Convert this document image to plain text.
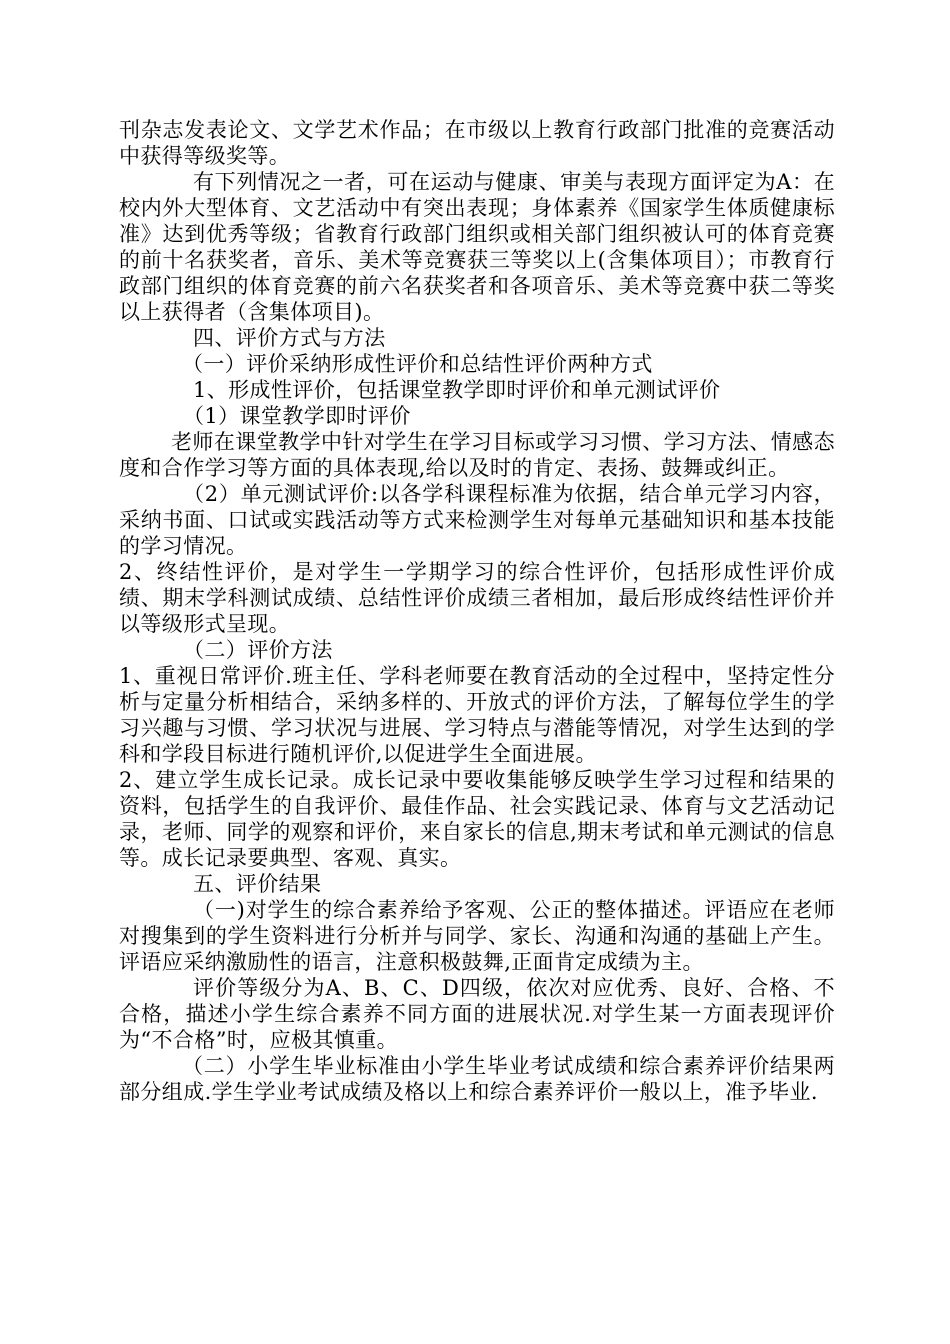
刊杂志发表论文、文学艺术作品；在市级以上教育行政部门批准的竞赛活动中获得等级奖等。

有下列情况之一者，可在运动与健康、审美与表现方面评定为A：在校内外大型体育、文艺活动中有突出表现；身体素养《国家学生体质健康标准》达到优秀等级；省教育行政部门组织或相关部门组织被认可的体育竞赛的前十名获奖者，音乐、美术等竞赛获三等奖以上(含集体项目）；市教育行政部门组织的体育竞赛的前六名获奖者和各项音乐、美术等竞赛中获二等奖以上获得者（含集体项目)。

四、评价方式与方法

（一）评价采纳形成性评价和总结性评价两种方式

1、形成性评价，包括课堂教学即时评价和单元测试评价

（1）课堂教学即时评价

老师在课堂教学中针对学生在学习目标或学习习惯、学习方法、情感态度和合作学习等方面的具体表现,给以及时的肯定、表扬、鼓舞或纠正。

（2）单元测试评价:以各学科课程标准为依据，结合单元学习内容，采纳书面、口试或实践活动等方式来检测学生对每单元基础知识和基本技能的学习情况。

2、终结性评价，是对学生一学期学习的综合性评价，包括形成性评价成绩、期末学科测试成绩、总结性评价成绩三者相加，最后形成终结性评价并以等级形式呈现。

（二）评价方法

1、重视日常评价.班主任、学科老师要在教育活动的全过程中，坚持定性分析与定量分析相结合，采纳多样的、开放式的评价方法，了解每位学生的学习兴趣与习惯、学习状况与进展、学习特点与潜能等情况，对学生达到的学科和学段目标进行随机评价,以促进学生全面进展。

2、建立学生成长记录。成长记录中要收集能够反映学生学习过程和结果的资料，包括学生的自我评价、最佳作品、社会实践记录、体育与文艺活动记录，老师、同学的观察和评价，来自家长的信息,期末考试和单元测试的信息等。成长记录要典型、客观、真实。

五、评价结果

（一)对学生的综合素养给予客观、公正的整体描述。评语应在老师对搜集到的学生资料进行分析并与同学、家长、沟通和沟通的基础上产生。评语应采纳激励性的语言，注意积极鼓舞,正面肯定成绩为主。

评价等级分为A、B、C、D四级，依次对应优秀、良好、合格、不合格，描述小学生综合素养不同方面的进展状况.对学生某一方面表现评价为“不合格”时，应极其慎重。

（二）小学生毕业标准由小学生毕业考试成绩和综合素养评价结果两部分组成.学生学业考试成绩及格以上和综合素养评价一般以上，准予毕业.
